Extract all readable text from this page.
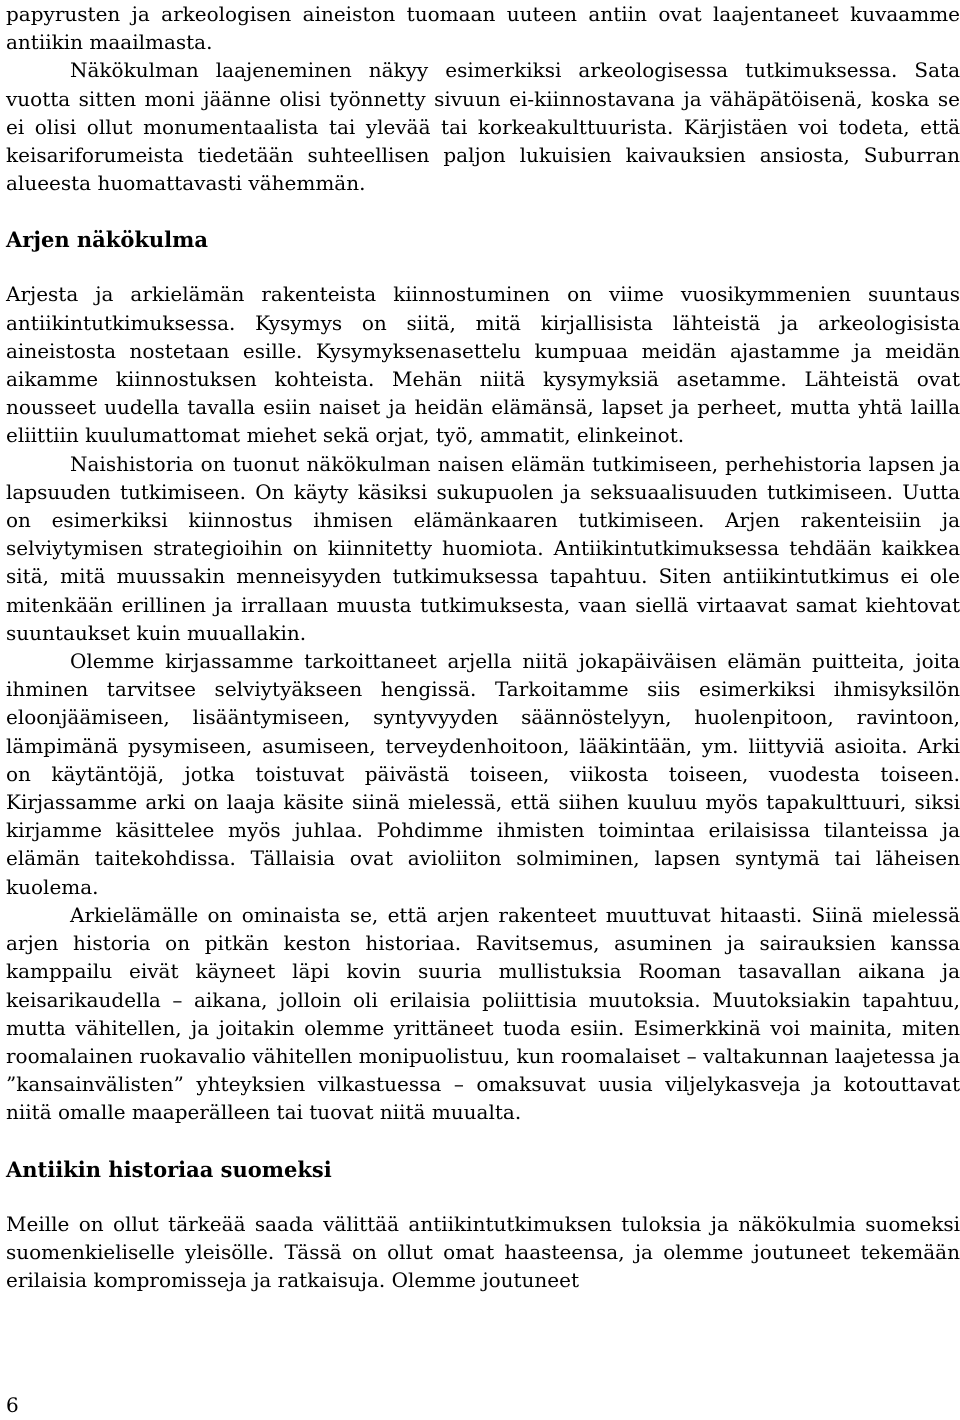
papyrusten ja arkeologisen aineiston tuomaan uuteen antiin ovat laajentaneet kuvaamme antiikin maailmasta.

Näkökulman laajeneminen näkyy esimerkiksi arkeologisessa tutkimuksessa. Sata vuotta sitten moni jäänne olisi työnnetty sivuun ei-kiinnostavana ja vähäpätöisenä, koska se ei olisi ollut monumentaalista tai ylevää tai korkeakulttuurista. Kärjistäen voi todeta, että keisariforumeista tiedetään suhteellisen paljon lukuisien kaivauksien ansiosta, Suburran alueesta huomattavasti vähemmän.

Arjen näkökulma

Arjesta ja arkielämän rakenteista kiinnostuminen on viime vuosikymmenien suuntaus antiikintutkimuksessa. Kysymys on siitä, mitä kirjallisista lähteistä ja arkeologisista aineistosta nostetaan esille. Kysymyksenasettelu kumpuaa meidän ajastamme ja meidän aikamme kiinnostuksen kohteista. Mehän niitä kysymyksiä asetamme. Lähteistä ovat nousseet uudella tavalla esiin naiset ja heidän elämänsä, lapset ja perheet, mutta yhtä lailla eliittiin kuulumattomat miehet sekä orjat, työ, ammatit, elinkeinot.

Naishistoria on tuonut näkökulman naisen elämän tutkimiseen, perhehistoria lapsen ja lapsuuden tutkimiseen. On käyty käsiksi sukupuolen ja seksuaalisuuden tutkimiseen. Uutta on esimerkiksi kiinnostus ihmisen elämänkaaren tutkimiseen. Arjen rakenteisiin ja selviytymisen strategioihin on kiinnitetty huomiota. Antiikintutkimuksessa tehdään kaikkea sitä, mitä muussakin menneisyyden tutkimuksessa tapahtuu. Siten antiikintutkimus ei ole mitenkään erillinen ja irrallaan muusta tutkimuksesta, vaan siellä virtaavat samat kiehtovat suuntaukset kuin muuallakin.

Olemme kirjassamme tarkoittaneet arjella niitä jokapäiväisen elämän puitteita, joita ihminen tarvitsee selviytyäkseen hengissä. Tarkoitamme siis esimerkiksi ihmisyksilön eloonjäämiseen, lisääntymiseen, syntyvyyden säännöstelyyn, huolenpitoon, ravintoon, lämpimänä pysymiseen, asumiseen, terveydenhoitoon, lääkintään, ym. liittyviä asioita. Arki on käytäntöjä, jotka toistuvat päivästä toiseen, viikosta toiseen, vuodesta toiseen. Kirjassamme arki on laaja käsite siinä mielessä, että siihen kuuluu myös tapakulttuuri, siksi kirjamme käsittelee myös juhlaa. Pohdimme ihmisten toimintaa erilaisissa tilanteissa ja elämän taitekohdissa. Tällaisia ovat avioliiton solmiminen, lapsen syntymä tai läheisen kuolema.

Arkielämälle on ominaista se, että arjen rakenteet muuttuvat hitaasti. Siinä mielessä arjen historia on pitkän keston historiaa. Ravitsemus, asuminen ja sairauksien kanssa kamppailu eivät käyneet läpi kovin suuria mullistuksia Rooman tasavallan aikana ja keisarikaudella – aikana, jolloin oli erilaisia poliittisia muutoksia. Muutoksiakin tapahtuu, mutta vähitellen, ja joitakin olemme yrittäneet tuoda esiin. Esimerkkinä voi mainita, miten roomalainen ruokavalio vähitellen monipuolistuu, kun roomalaiset – valtakunnan laajetessa ja ”kansainvälisten” yhteyksien vilkastuessa – omaksuvat uusia viljelykasveja ja kotouttavat niitä omalle maaperälleen tai tuovat niitä muualta.

Antiikin historiaa suomeksi

Meille on ollut tärkeää saada välittää antiikintutkimuksen tuloksia ja näkökulmia suomeksi suomenkieliselle yleisölle. Tässä on ollut omat haasteensa, ja olemme joutuneet tekemään erilaisia kompromisseja ja ratkaisuja. Olemme joutuneet

6
